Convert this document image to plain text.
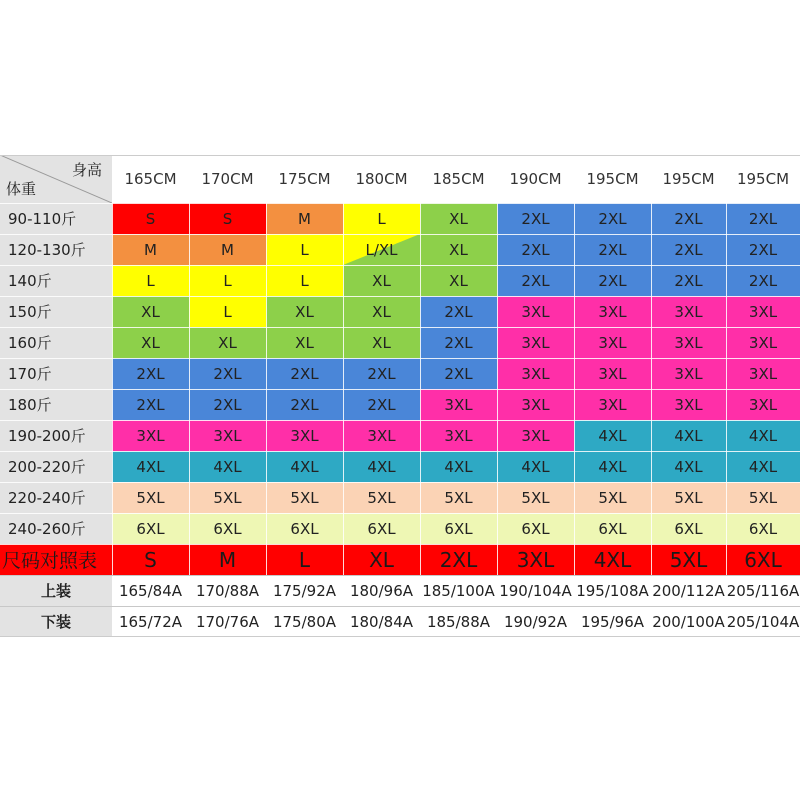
身高
体重
165CM	170CM	175CM	180CM	185CM	190CM	195CM	195CM	195CM
90-110斤	S	S	M	L	XL	2XL	2XL	2XL	2XL
120-130斤	M	M	L	L/XL	XL	2XL	2XL	2XL	2XL
140斤	L	L	L	XL	XL	2XL	2XL	2XL	2XL
150斤	XL	L	XL	XL	2XL	3XL	3XL	3XL	3XL
160斤	XL	XL	XL	XL	2XL	3XL	3XL	3XL	3XL
170斤	2XL	2XL	2XL	2XL	2XL	3XL	3XL	3XL	3XL
180斤	2XL	2XL	2XL	2XL	3XL	3XL	3XL	3XL	3XL
190-200斤	3XL	3XL	3XL	3XL	3XL	3XL	4XL	4XL	4XL
200-220斤	4XL	4XL	4XL	4XL	4XL	4XL	4XL	4XL	4XL
220-240斤	5XL	5XL	5XL	5XL	5XL	5XL	5XL	5XL	5XL
240-260斤	6XL	6XL	6XL	6XL	6XL	6XL	6XL	6XL	6XL
尺码对照表	S	M	L	XL	2XL	3XL	4XL	5XL	6XL
上装	165/84A 170/88A 175/92A 180/96A 185/100A 190/104A 195/108A 200/112A 205/116A
下装	165/72A 170/76A 175/80A 180/84A 185/88A 190/92A 195/96A 200/100A 205/104A
